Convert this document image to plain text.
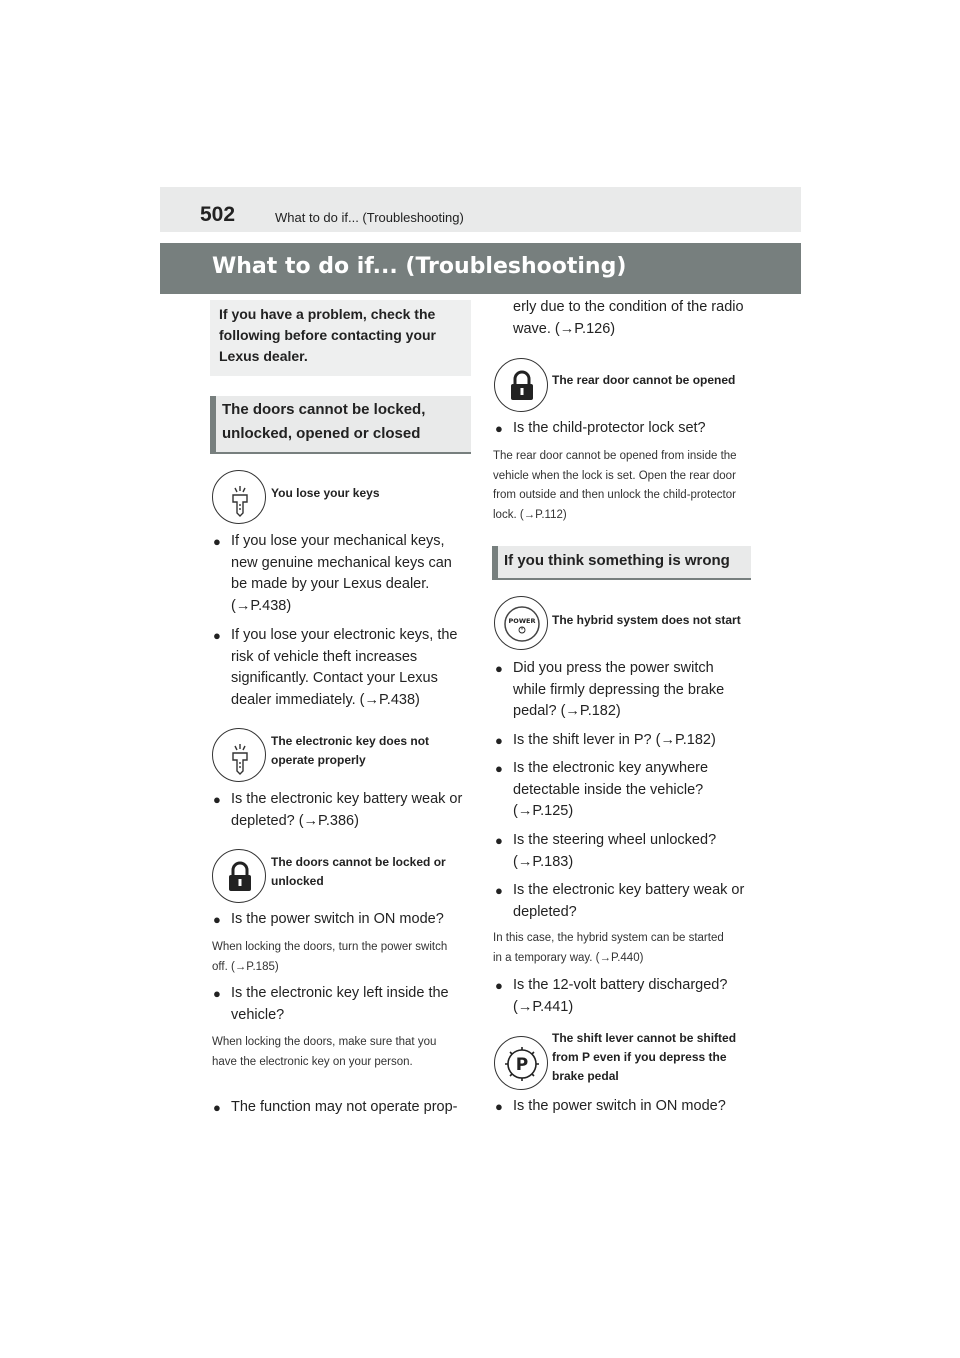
502	What to do if... (Troubleshooting)
What to do if... (Troubleshooting)
If you have a problem, check the following before contacting your Lexus dealer.
The doors cannot be locked, unlocked, opened or closed
You lose your keys
● If you lose your mechanical keys, new genuine mechanical keys can be made by your Lexus dealer. (→P.438)
● If you lose your electronic keys, the risk of vehicle theft increases significantly. Contact your Lexus dealer immediately. (→P.438)
The electronic key does not operate properly
● Is the electronic key battery weak or depleted? (→P.386)
The doors cannot be locked or unlocked
● Is the power switch in ON mode?
When locking the doors, turn the power switch off. (→P.185)
● Is the electronic key left inside the vehicle?
When locking the doors, make sure that you have the electronic key on your person.
● The function may not operate prop-
erly due to the condition of the radio wave. (→P.126)
The rear door cannot be opened
● Is the child-protector lock set?
The rear door cannot be opened from inside the vehicle when the lock is set. Open the rear door from outside and then unlock the child-protector lock. (→P.112)
If you think something is wrong
POWER The hybrid system does not start
● Did you press the power switch while firmly depressing the brake pedal? (→P.182)
● Is the shift lever in P? (→P.182)
● Is the electronic key anywhere detectable inside the vehicle? (→P.125)
● Is the steering wheel unlocked? (→P.183)
● Is the electronic key battery weak or depleted?
In this case, the hybrid system can be started in a temporary way. (→P.440)
● Is the 12-volt battery discharged? (→P.441)
P
The shift lever cannot be shifted from P even if you depress the brake pedal
● Is the power switch in ON mode?
